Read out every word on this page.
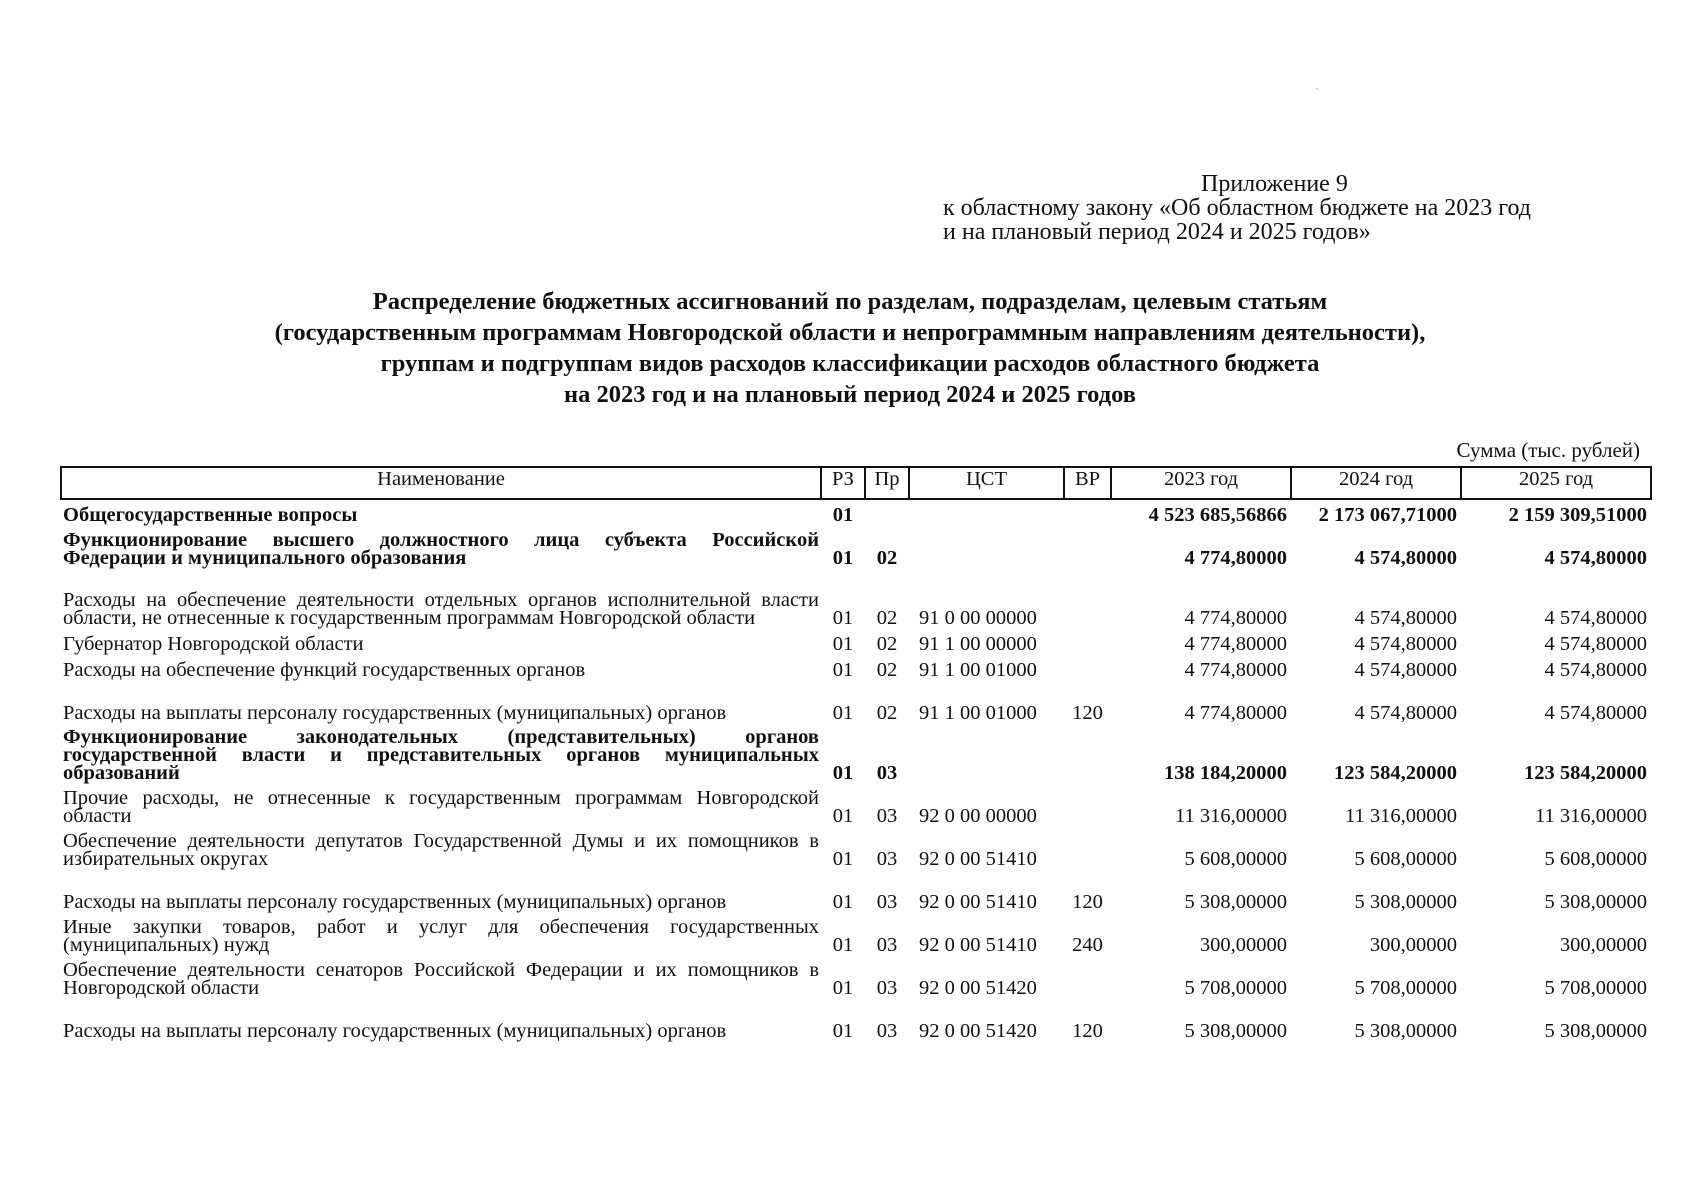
Приложение 9
к областному закону «Об областном бюджете на 2023 год
и на плановый период 2024 и 2025 годов»
Распределение бюджетных ассигнований по разделам, подразделам, целевым статьям
(государственным программам Новгородской области и непрограммным направлениям деятельности),
группам и подгруппам видов расходов классификации расходов областного бюджета
на 2023 год и на плановый период 2024 и 2025 годов
Сумма (тыс. рублей)
Наименование	РЗ	Пр	ЦСТ	ВР	2023 год	2024 год	2025 год
Общегосударственные вопросы	01				4 523 685,56866	2 173 067,71000	2 159 309,51000
Функционирование высшего должностного лица субъекта Российской Федерации и муниципального образования	01	02			4 774,80000	4 574,80000	4 574,80000
Расходы на обеспечение деятельности отдельных органов исполнительной власти области, не отнесенные к государственным программам Новгородской области	01	02	91 0 00 00000		4 774,80000	4 574,80000	4 574,80000
Губернатор Новгородской области	01	02	91 1 00 00000		4 774,80000	4 574,80000	4 574,80000
Расходы на обеспечение функций государственных органов	01	02	91 1 00 01000		4 774,80000	4 574,80000	4 574,80000
Расходы на выплаты персоналу государственных (муниципальных) органов	01	02	91 1 00 01000	120	4 774,80000	4 574,80000	4 574,80000
Функционирование законодательных (представительных) органов государственной власти и представительных органов муниципальных образований	01	03			138 184,20000	123 584,20000	123 584,20000
Прочие расходы, не отнесенные к государственным программам Новгородской области	01	03	92 0 00 00000		11 316,00000	11 316,00000	11 316,00000
Обеспечение деятельности депутатов Государственной Думы и их помощников в избирательных округах	01	03	92 0 00 51410		5 608,00000	5 608,00000	5 608,00000
Расходы на выплаты персоналу государственных (муниципальных) органов	01	03	92 0 00 51410	120	5 308,00000	5 308,00000	5 308,00000
Иные закупки товаров, работ и услуг для обеспечения государственных (муниципальных) нужд	01	03	92 0 00 51410	240	300,00000	300,00000	300,00000
Обеспечение деятельности сенаторов Российской Федерации и их помощников в Новгородской области	01	03	92 0 00 51420		5 708,00000	5 708,00000	5 708,00000
Расходы на выплаты персоналу государственных (муниципальных) органов	01	03	92 0 00 51420	120	5 308,00000	5 308,00000	5 308,00000
